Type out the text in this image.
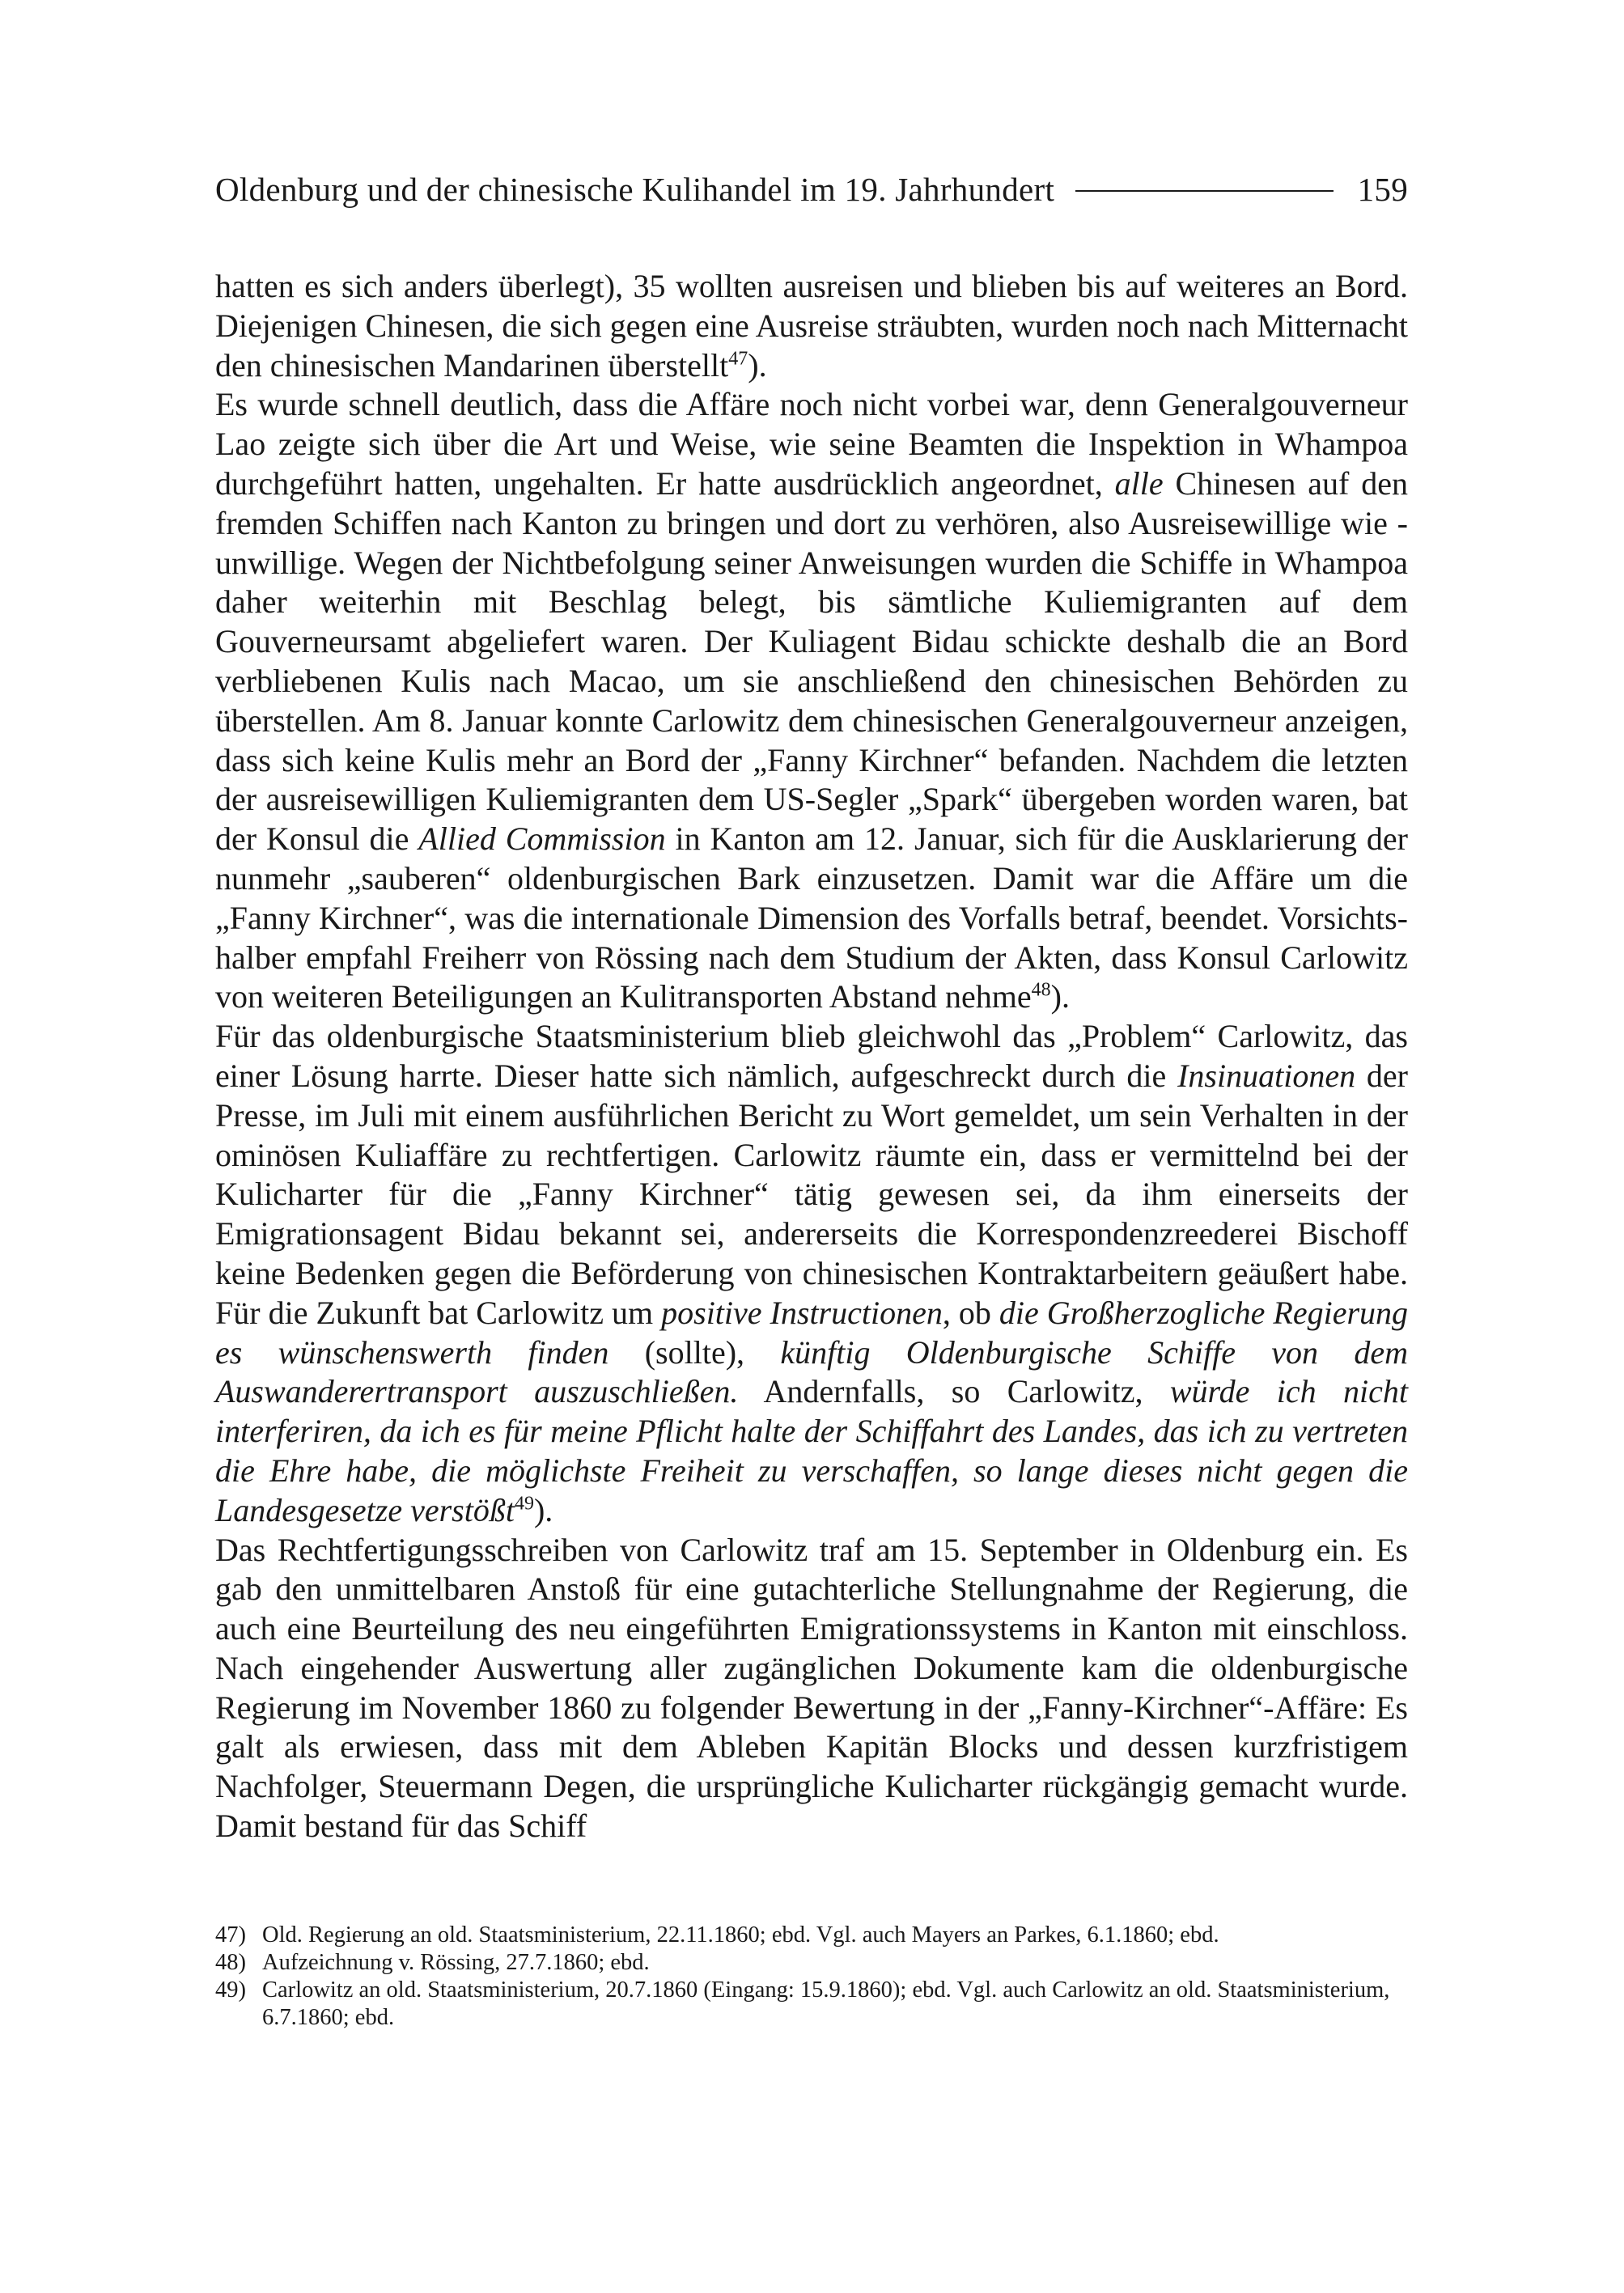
Oldenburg und der chinesische Kulihandel im 19. Jahrhundert	159

hatten es sich anders überlegt), 35 wollten ausreisen und blieben bis auf weiteres an Bord. Diejenigen Chinesen, die sich gegen eine Ausreise sträubten, wurden noch nach Mitternacht den chinesischen Mandarinen überstellt$^{47}$).

Es wurde schnell deutlich, dass die Affäre noch nicht vorbei war, denn Generalgouverneur Lao zeigte sich über die Art und Weise, wie seine Beamten die Inspektion in Whampoa durchgeführt hatten, ungehalten. Er hatte ausdrücklich angeordnet, alle Chinesen auf den fremden Schiffen nach Kanton zu bringen und dort zu verhören, also Ausreisewillige wie -unwillige. Wegen der Nichtbefolgung seiner Anweisungen wurden die Schiffe in Whampoa daher weiterhin mit Beschlag belegt, bis sämtliche Kuliemigranten auf dem Gouverneursamt abgeliefert waren. Der Kuliagent Bidau schickte deshalb die an Bord verbliebenen Kulis nach Macao, um sie anschließend den chinesischen Behörden zu überstellen. Am 8. Januar konnte Carlowitz dem chinesischen Generalgouverneur anzeigen, dass sich keine Kulis mehr an Bord der „Fanny Kirchner“ befanden. Nachdem die letzten der ausreisewilligen Kuliemigranten dem US-Segler „Spark“ übergeben worden waren, bat der Konsul die Allied Commission in Kanton am 12. Januar, sich für die Ausklarierung der nunmehr „sauberen“ oldenburgischen Bark einzusetzen. Damit war die Affäre um die „Fanny Kirchner“, was die internationale Dimension des Vorfalls betraf, beendet. Vorsichtshalber empfahl Freiherr von Rössing nach dem Studium der Akten, dass Konsul Carlowitz von weiteren Beteiligungen an Kulitransporten Abstand nehme$^{48}$).

Für das oldenburgische Staatsministerium blieb gleichwohl das „Problem“ Carlowitz, das einer Lösung harrte. Dieser hatte sich nämlich, aufgeschreckt durch die Insinuationen der Presse, im Juli mit einem ausführlichen Bericht zu Wort gemeldet, um sein Verhalten in der ominösen Kuliaffäre zu rechtfertigen. Carlowitz räumte ein, dass er vermittelnd bei der Kulicharter für die „Fanny Kirchner“ tätig gewesen sei, da ihm einerseits der Emigrationsagent Bidau bekannt sei, andererseits die Korrespondenzreederei Bischoff keine Bedenken gegen die Beförderung von chinesischen Kontraktarbeitern geäußert habe. Für die Zukunft bat Carlowitz um positive Instructionen, ob die Großherzogliche Regierung es wünschenswerth finden (sollte), künftig Oldenburgische Schiffe von dem Auswanderertransport auszuschließen. Andernfalls, so Carlowitz, würde ich nicht interferiren, da ich es für meine Pflicht halte der Schiffahrt des Landes, das ich zu vertreten die Ehre habe, die möglichste Freiheit zu verschaffen, so lange dieses nicht gegen die Landesgesetze verstößt$^{49}$).

Das Rechtfertigungsschreiben von Carlowitz traf am 15. September in Oldenburg ein. Es gab den unmittelbaren Anstoß für eine gutachterliche Stellungnahme der Regierung, die auch eine Beurteilung des neu eingeführten Emigrationssystems in Kanton mit einschloss. Nach eingehender Auswertung aller zugänglichen Dokumente kam die oldenburgische Regierung im November 1860 zu folgender Bewertung in der „Fanny-Kirchner“-Affäre: Es galt als erwiesen, dass mit dem Ableben Kapitän Blocks und dessen kurzfristigem Nachfolger, Steuermann Degen, die ursprüngliche Kulicharter rückgängig gemacht wurde. Damit bestand für das Schiff

47) Old. Regierung an old. Staatsministerium, 22.11.1860; ebd. Vgl. auch Mayers an Parkes, 6.1.1860; ebd.
48) Aufzeichnung v. Rössing, 27.7.1860; ebd.
49) Carlowitz an old. Staatsministerium, 20.7.1860 (Eingang: 15.9.1860); ebd. Vgl. auch Carlowitz an old. Staatsministerium, 6.7.1860; ebd.
